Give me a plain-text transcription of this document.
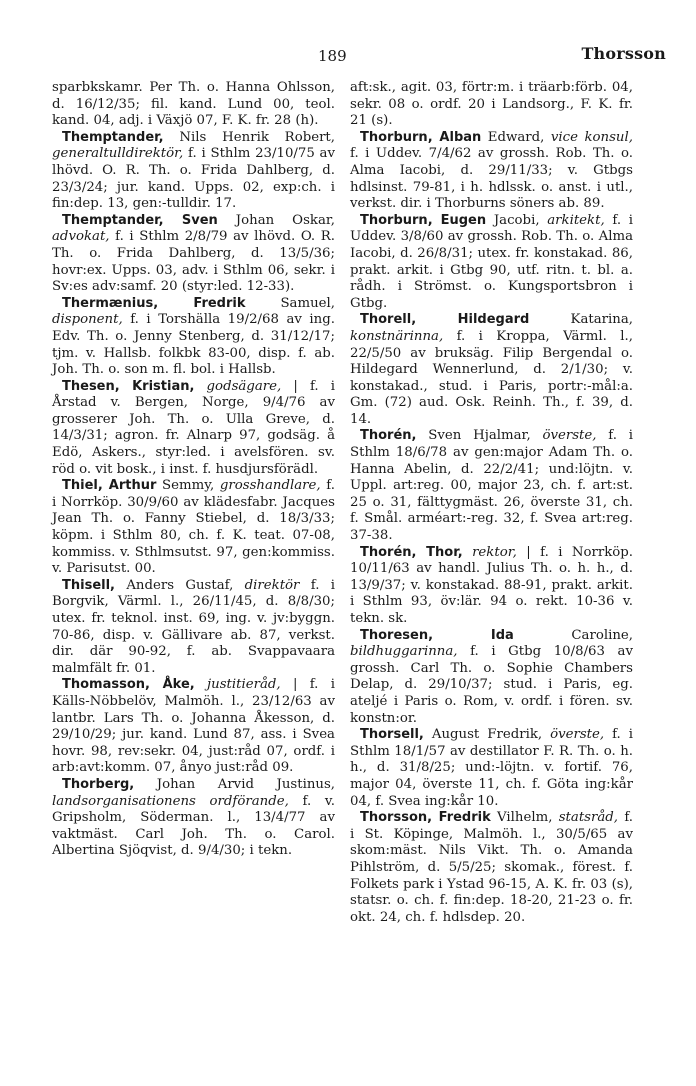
189	Thorsson

sparbkskamr. Per Th. o. Hanna Ohlsson, d. 16/12/35; fil. kand. Lund 00, teol. kand. 04, adj. i Växjö 07, F. K. fr. 28 (h).

Themptander, Nils Henrik Robert, generaltulldirektör, f. i Sthlm 23/10/75 av lhövd. O. R. Th. o. Frida Dahlberg, d. 23/3/24; jur. kand. Upps. 02, exp:ch. i fin:dep. 13, gen:-tulldir. 17.

Themptander, Sven Johan Oskar, advokat, f. i Sthlm 2/8/79 av lhövd. O. R. Th. o. Frida Dahlberg, d. 13/5/36; hovr:ex. Upps. 03, adv. i Sthlm 06, sekr. i Sv:es adv:samf. 20 (styr:led. 12-33).

Thermænius, Fredrik	Samuel, disponent, f. i Torshälla 19/2/68 av ing. Edv. Th. o. Jenny Stenberg, d. 31/12/17; tjm. v. Hallsb. folkbk 83-00, disp. f. ab. Joh. Th. o. son m. fl. bol. i Hallsb.

Thesen, Kristian, godsägare, | f. i Årstad v. Bergen, Norge, 9/4/76 av grosserer Joh. Th. o. Ulla Greve, d. 14/3/31; agron. fr. Alnarp 97, godsäg. å Edö, Askers., styr:led. i avelsfören. sv. röd o. vit bosk., i inst. f. husdjursförädl.

Thiel, Arthur Semmy, grosshandlare, f. i Norrköp. 30/9/60 av klädesfabr. Jacques Jean Th. o. Fanny Stiebel, d. 18/3/33; köpm. i Sthlm 80, ch. f. K. teat. 07-08, kommiss. v. Sthlmsutst. 97, gen:kommiss. v. Parisutst. 00.

Thisell, Anders Gustaf, direktör f. i Borgvik, Värml. l., 26/11/45, d. 8/8/30; utex. fr. teknol. inst. 69, ing. v. jv:byggn. 70-86, disp. v. Gällivare ab. 87, verkst. dir. där 90-92, f. ab. Svappavaara malmfält fr. 01.

Thomasson, Åke, justitieråd, | f. i Källs-Nöbbelöv, Malmöh. l., 23/12/63 av lantbr. Lars Th. o. Johanna Åkesson, d. 29/10/29; jur. kand. Lund 87, ass. i Svea hovr. 98, rev:sekr. 04, just:råd 07, ordf. i arb:avt:komm. 07, ånyo just:råd 09.

Thorberg, Johan Arvid Justinus, landsorganisationens ordförande, f. v. Gripsholm, Söderman. l., 13/4/77 av vaktmäst. Carl Joh. Th. o. Carol. Albertina Sjöqvist, d. 9/4/30; i tekn.

aft:sk., agit. 03, förtr:m. i träarb:förb. 04, sekr. 08 o. ordf. 20 i Landsorg., F. K. fr. 21 (s).

Thorburn, Alban Edward, vice konsul, f. i Uddev. 7/4/62 av grossh. Rob. Th. o. Alma Iacobi, d. 29/11/33; v. Gtbgs hdlsinst. 79-81, i h. hdlssk. o. anst. i utl., verkst. dir. i Thorburns söners ab. 89.

Thorburn, Eugen Jacobi, arkitekt, f. i Uddev. 3/8/60 av grossh. Rob. Th. o. Alma Iacobi, d. 26/8/31; utex. fr. konstakad. 86, prakt. arkit. i Gtbg 90, utf. ritn. t. bl. a. rådh. i Strömst. o. Kungsportsbron i Gtbg.

Thorell, Hildegard	Katarina, konstnärinna, f. i Kroppa, Värml. l., 22/5/50 av bruksäg. Filip Bergendal o. Hildegard Wennerlund, d. 2/1/30; v. konstakad., stud. i Paris, portr:-mål:a. Gm. (72) aud. Osk. Reinh. Th., f. 39, d. 14.

Thorén, Sven Hjalmar, överste, f. i Sthlm 18/6/78 av gen:major Adam Th. o. Hanna Abelin, d. 22/2/41; und:löjtn. v. Uppl. art:reg. 00, major 23, ch. f. art:st. 25 o. 31, fälttygmäst. 26, överste 31, ch. f. Smål. arméart:-reg. 32, f. Svea art:reg. 37-38.

Thorén, Thor, rektor, | f. i Norrköp. 10/11/63 av handl. Julius Th. o. h. h., d. 13/9/37; v. konstakad. 88-91, prakt. arkit. i Sthlm 93, öv:lär. 94 o. rekt. 10-36 v. tekn. sk.

Thoresen, Ida	Caroline, bildhuggarinna, f. i Gtbg 10/8/63 av grossh. Carl Th. o. Sophie Chambers Delap, d. 29/10/37; stud. i Paris, eg. ateljé i Paris o. Rom, v. ordf. i fören. sv. konstn:or.

Thorsell, August Fredrik, överste, f. i Sthlm 18/1/57 av destillator F. R. Th. o. h. h., d. 31/8/25; und:-löjtn. v. fortif. 76, major 04, överste 11, ch. f. Göta ing:kår 04, f. Svea ing:kår 10.

Thorsson, Fredrik Vilhelm, statsråd, f. i St. Köpinge, Malmöh. l., 30/5/65 av skom:mäst. Nils Vikt. Th. o. Amanda Pihlström, d. 5/5/25; skomak., förest. f. Folkets park i Ystad 96-15, A. K. fr. 03 (s), statsr. o. ch. f. fin:dep. 18-20, 21-23 o. fr. okt. 24, ch. f. hdlsdep. 20.
